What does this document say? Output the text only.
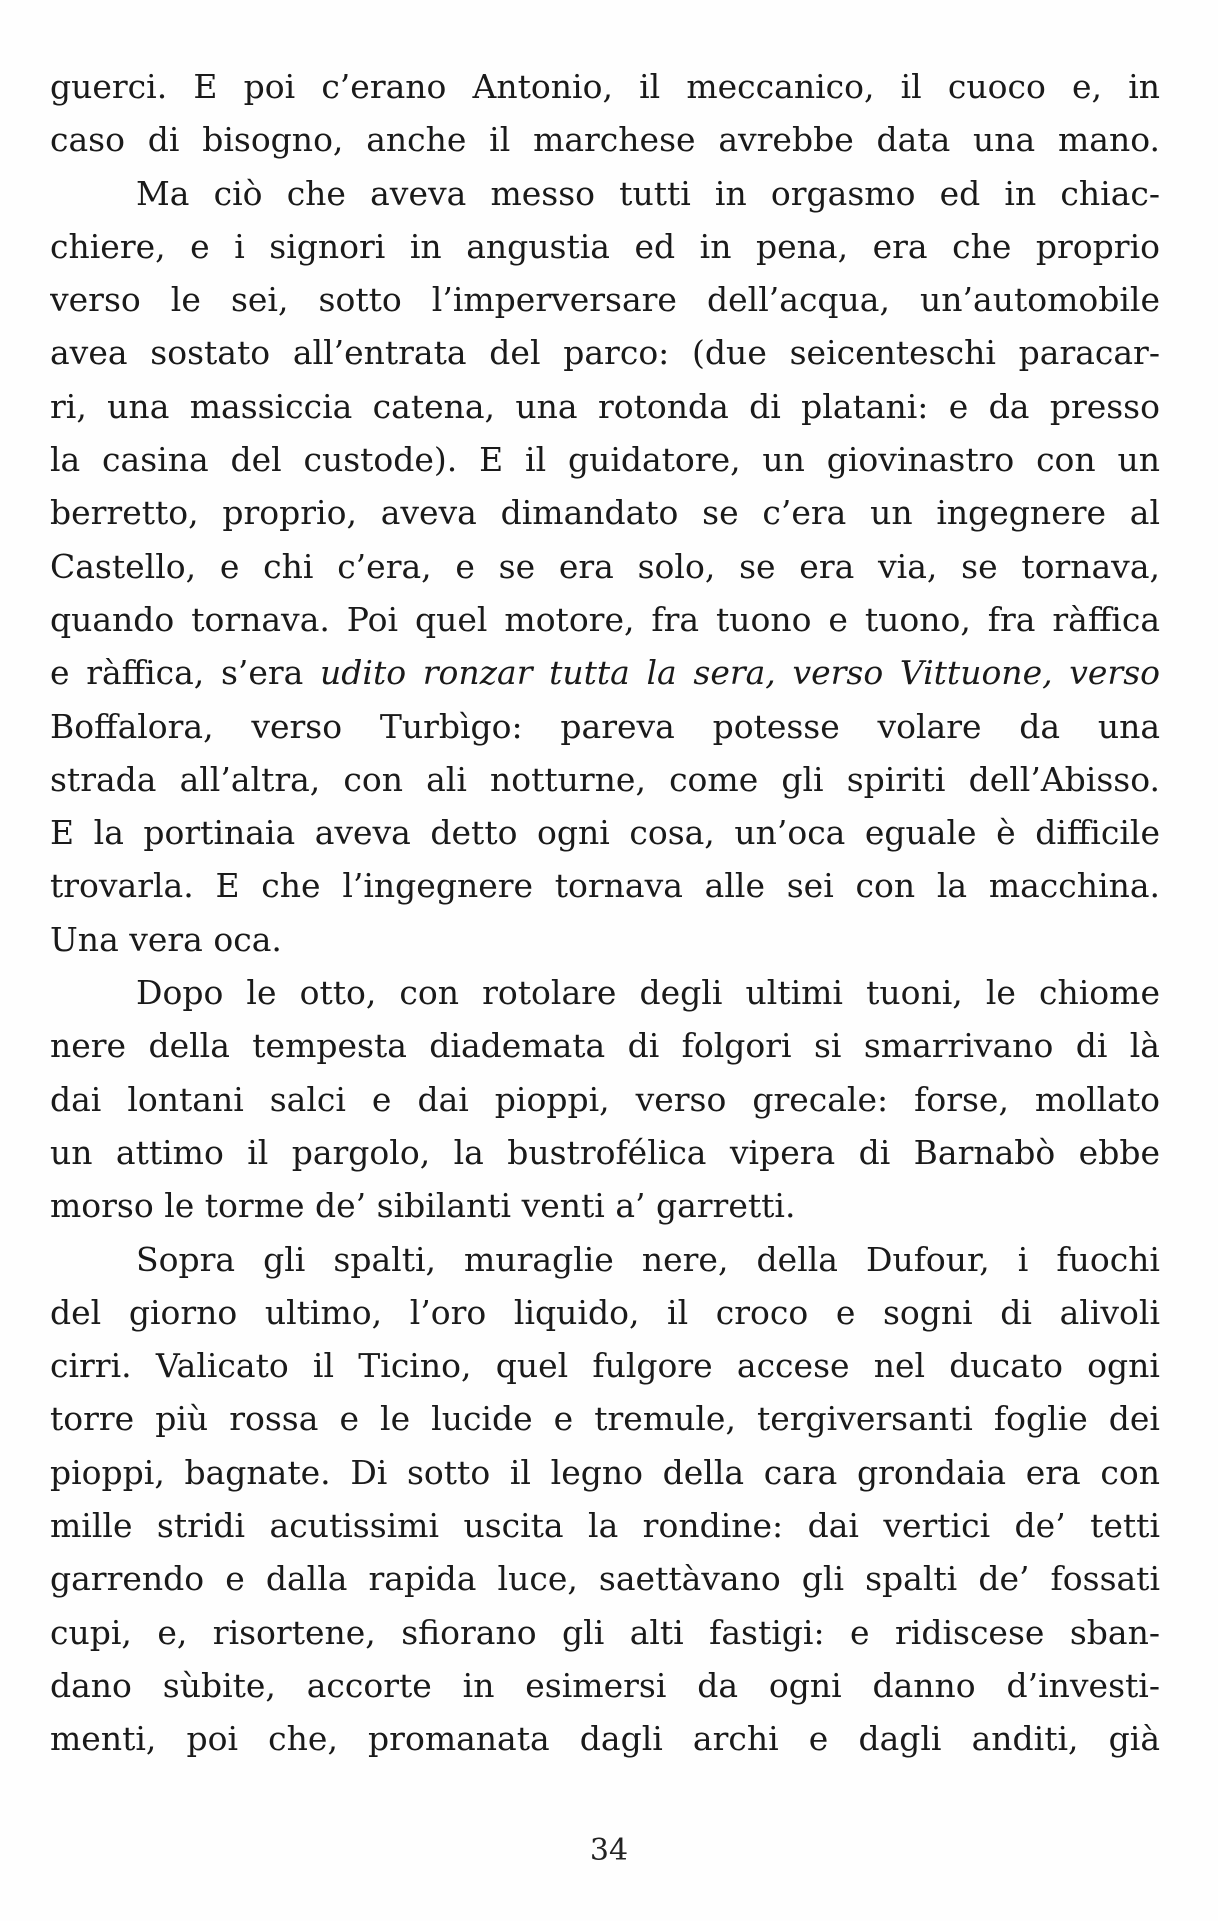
guerci. E poi c’erano Antonio, il meccanico, il cuoco e, in
caso di bisogno, anche il marchese avrebbe data una mano.
Ma ciò che aveva messo tutti in orgasmo ed in chiac-
chiere, e i signori in angustia ed in pena, era che proprio
verso le sei, sotto l’imperversare dell’acqua, un’automobile
avea sostato all’entrata del parco: (due seicenteschi paracar-
ri, una massiccia catena, una rotonda di platani: e da presso
la casina del custode). E il guidatore, un giovinastro con un
berretto, proprio, aveva dimandato se c’era un ingegnere al
Castello, e chi c’era, e se era solo, se era via, se tornava,
quando tornava. Poi quel motore, fra tuono e tuono, fra ràffica
e ràffica, s’era udito ronzar tutta la sera, verso Vittuone, verso
Boffalora, verso Turbìgo: pareva potesse volare da una
strada all’altra, con ali notturne, come gli spiriti dell’Abisso.
E la portinaia aveva detto ogni cosa, un’oca eguale è difficile
trovarla. E che l’ingegnere tornava alle sei con la macchina.
Una vera oca.
Dopo le otto, con rotolare degli ultimi tuoni, le chiome
nere della tempesta diademata di folgori si smarrivano di là
dai lontani salci e dai pioppi, verso grecale: forse, mollato
un attimo il pargolo, la bustrofélica vipera di Barnabò ebbe
morso le torme de’ sibilanti venti a’ garretti.
Sopra gli spalti, muraglie nere, della Dufour, i fuochi
del giorno ultimo, l’oro liquido, il croco e sogni di alivoli
cirri. Valicato il Ticino, quel fulgore accese nel ducato ogni
torre più rossa e le lucide e tremule, tergiversanti foglie dei
pioppi, bagnate. Di sotto il legno della cara grondaia era con
mille stridi acutissimi uscita la rondine: dai vertici de’ tetti
garrendo e dalla rapida luce, saettàvano gli spalti de’ fossati
cupi, e, risortene, sfiorano gli alti fastigi: e ridiscese sban-
dano sùbite, accorte in esimersi da ogni danno d’investi-
menti, poi che, promanata dagli archi e dagli anditi, già
34
